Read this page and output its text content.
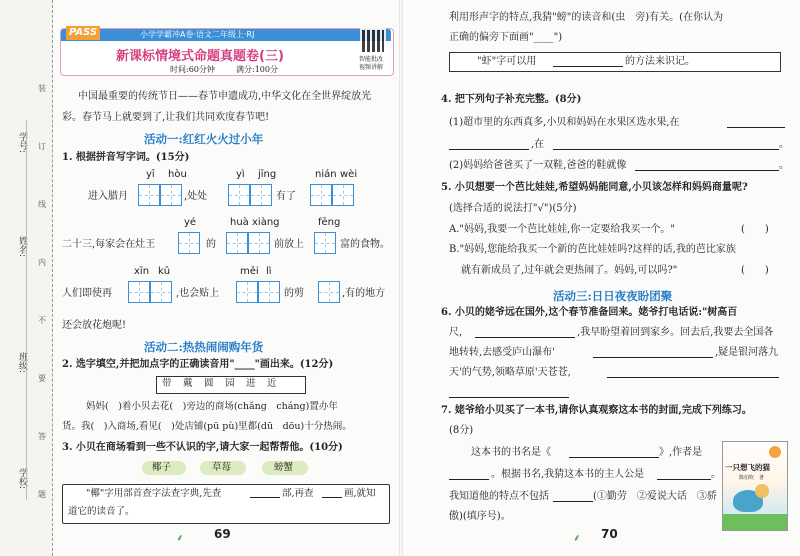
学校:
班级:
姓名:
学号:
装
订
线
内
不
要
答
题
PASS	小学学霸冲A卷·语文二年级上·RJ
新课标情境式命题真题卷(三)
时间:60分钟	满分:100分
智能批改
视频讲解
中国最重要的传统节日——春节申遗成功,中华文化在全世界绽放光
彩。春节马上就要到了,让我们共同欢度春节吧!
活动一:红红火火过小年
1. 根据拼音写字词。(15分)
yī hòu	yì jīng	nián wèi
进入腊月	,处处	有了
yé	huà xiàng	fēng
二十三,每家会在灶王	的	前放上	富的食物。
xīn kǔ	měi lì
人们即使再	,也会贴上	的剪	,有的地方
还会放花炮呢!
活动二:热热闹闹购年货
2. 选字填空,并把加点字的正确读音用"____"画出来。(12分)
带　戴　圆　园　进　近
妈妈(　)着小贝去花(　)旁边的商场(chǎng　cháng)置办年
货。我(　)入商场,看见(　)处店铺(pū pù)里都(dū　dōu)十分热闹。
3. 小贝在商场看到一些不认识的字,请大家一起帮帮他。(10分)
椰子	草莓	螃蟹
"椰"字用部首查字法查字典,先查	部,再查	画,就知
道它的读音了。
⸙	69
利用形声字的特点,我猜"螃"的读音和(虫　旁)有关。(在你认为
正确的偏旁下面画"____")
"虾"字可以用	的方法来识记。
4. 把下列句子补充完整。(8分)
(1)超市里的东西真多,小贝和妈妈在水果区选水果,在
,在	。
(2)妈妈给爸爸买了一双鞋,爸爸的鞋就像	。
5. 小贝想要一个芭比娃娃,希望妈妈能同意,小贝该怎样和妈妈商量呢?
(选择合适的说法打"√")(5分)
A."妈妈,我要一个芭比娃娃,你一定要给我买一个。"	(　　)
B."妈妈,您能给我买一个新的芭比娃娃吗?这样的话,我的芭比家族
就有新成员了,过年就会更热闹了。妈妈,可以吗?"	(　　)
活动三:日日夜夜盼团聚
6. 小贝的姥爷远在国外,这个春节准备回来。姥爷打电话说:"树高百
尺,	,我早盼望着回到家乡。回去后,我要去全国各
地转转,去感受庐山瀑布'	,疑是银河落九
天'的气势,领略草原'天苍苍,
7. 姥爷给小贝买了一本书,请你认真观察这本书的封面,完成下列练习。
(8分)
这本书的书名是《	》,作者是
。根据书名,我猜这本书的主人公是	。
我知道他的特点不包括	(①勤劳　②爱说大话　③骄
傲)(填序号)。
一只想飞的猫
陈伯吹　著
⸙ 70
